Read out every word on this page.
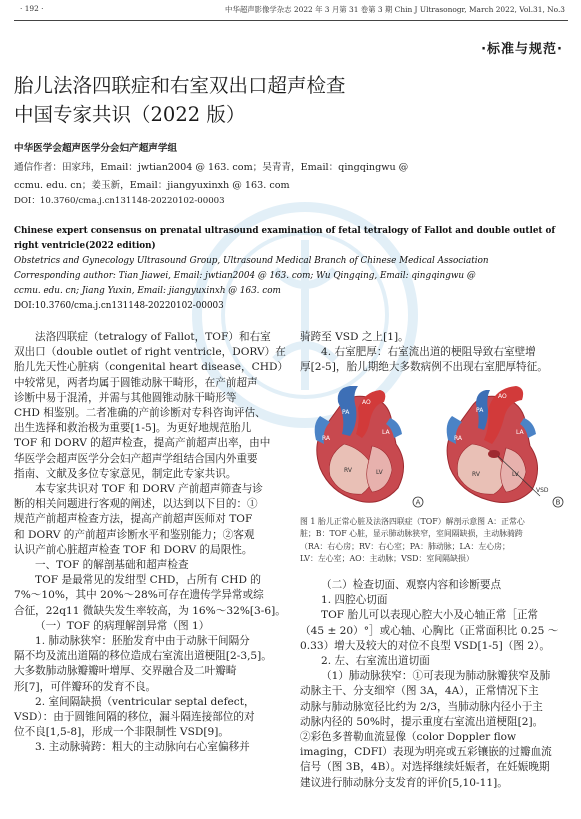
· 192 ·	中华超声影像学杂志 2022 年 3 月第 31 卷第 3 期 Chin J Ultrasonogr, March 2022, Vol.31, No.3
·标准与规范·
胎儿法洛四联症和右室双出口超声检查
中国专家共识（2022 版）
中华医学会超声医学分会妇产超声学组
通信作者：田家玮，Email：jwtian2004 @ 163. com；吴青青，Email：qingqingwu @
ccmu. edu. cn；姜玉新，Email：jiangyuxinxh @ 163. com
DOI：10.3760/cma.j.cn131148-20220102-00003
Chinese expert consensus on prenatal ultrasound examination of fetal tetralogy of Fallot and double outlet of
right ventricle(2022 edition)
Obstetrics and Gynecology Ultrasound Group, Ultrasound Medical Branch of Chinese Medical Association
Corresponding author: Tian Jiawei, Email: jwtian2004 @ 163. com; Wu Qingqing, Email: qingqingwu @
ccmu. edu. cn; Jiang Yuxin, Email: jiangyuxinxh @ 163. com
DOI:10.3760/cma.j.cn131148-20220102-00003
法洛四联症（tetralogy of Fallot，TOF）和右室
双出口（double outlet of right ventricle，DORV）在
胎儿先天性心脏病（congenital heart disease，CHD）
中较常见，两者均属于圆锥动脉干畸形，在产前超声
诊断中易于混淆，并需与其他圆锥动脉干畸形等
CHD 相鉴别。二者准确的产前诊断对专科咨询评估、
出生选择和救治极为重要[1-5]。为更好地规范胎儿
TOF 和 DORV 的超声检查，提高产前超声出率，由中
华医学会超声医学分会妇产超声学组结合国内外重要
指南、文献及多位专家意见，制定此专家共识。
本专家共识对 TOF 和 DORV 产前超声筛查与诊
断的相关问题进行客观的阐述，以达到以下目的：①
规范产前超声检查方法，提高产前超声医师对 TOF
和 DORV 的产前超声诊断水平和鉴别能力；②客观
认识产前心脏超声检查 TOF 和 DORV 的局限性。
一、TOF 的解剖基础和超声检查
TOF 是最常见的发绀型 CHD，占所有 CHD 的
7%～10%，其中 20%～28%可存在遗传学异常或综
合征，22q11 微缺失发生率较高，为 16%～32%[3-6]。
（一）TOF 的病理解剖异常（图 1）
1. 肺动脉狭窄：胚胎发育中由于动脉干间隔分
隔不均及流出道隔的移位造成右室流出道梗阻[2-3,5]。
大多数肺动脉瓣瓣叶增厚、交界融合及二叶瓣畸
形[7]，可伴瓣环的发育不良。
2. 室间隔缺损（ventricular septal defect，
VSD）：由于圆锥间隔的移位，漏斗隔连接部位的对
位不良[1,5-8]，形成一个非限制性 VSD[9]。
3. 主动脉骑跨：粗大的主动脉向右心室偏移并
骑跨至 VSD 之上[1]。
4. 右室肥厚：右室流出道的梗阻导致右室壁增
厚[2-5]，胎儿期绝大多数病例不出现右室肥厚特征。
AO
PA
LA
RA
LV
RV
A
AO
PA
LA
RA
LV
RV
VSD
B
图 1 胎儿正常心脏及法洛四联症（TOF）解剖示意图 A：正常心
脏；B：TOF 心脏，显示肺动脉狭窄，室间隔缺损，主动脉骑跨
（RA：右心房；RV：右心室；PA：肺动脉；LA：左心房；
LV：左心室；AO：主动脉；VSD：室间隔缺损）
（二）检查切面、观察内容和诊断要点
1. 四腔心切面
TOF 胎儿可以表现心腔大小及心轴正常［正常
（45 ± 20）°］或心轴、心胸比（正常面积比 0.25 ～
0.33）增大及较大的对位不良型 VSD[1-5]（图 2）。
2. 左、右室流出道切面
（1）肺动脉狭窄：①可表现为肺动脉瓣狭窄及肺
动脉主干、分支细窄（图 3A，4A），正常情况下主
动脉与肺动脉宽径比约为 2/3，当肺动脉内径小于主
动脉内径的 50%时，提示重度右室流出道梗阻[2]。
②彩色多普勒血流显像（color Doppler flow
imaging，CDFI）表现为明亮或五彩镶嵌的过瓣血流
信号（图 3B，4B）。对选择继续妊娠者，在妊娠晚期
建议进行肺动脉分支发育的评价[5,10-11]。
